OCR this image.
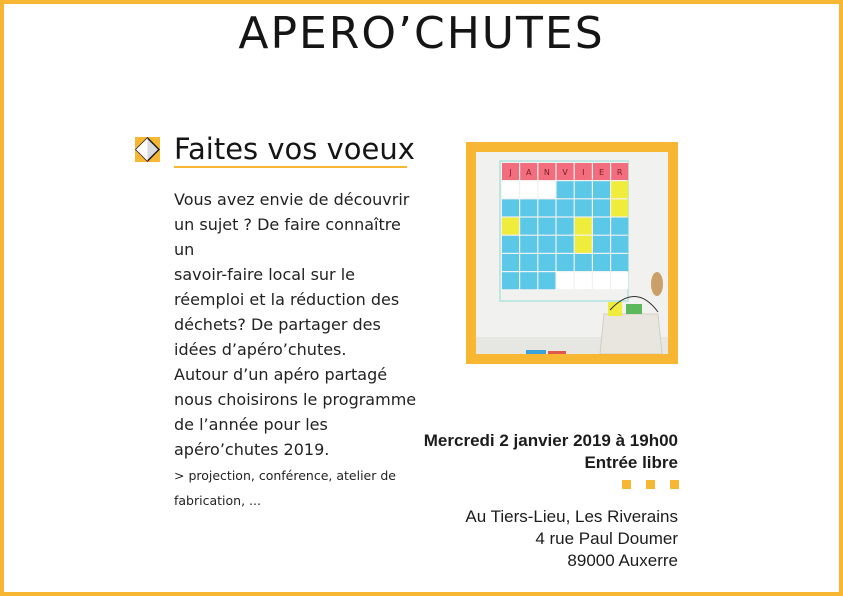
APERO’CHUTES
Faites vos voeux
Vous avez envie de découvrir
un sujet ? De faire connaître un
savoir-faire local sur le
réemploi et la réduction des
déchets? De partager des
idées d’apéro’chutes.
Autour d’un apéro partagé
nous choisirons le programme
de l’année pour les
apéro’chutes 2019.
> projection, conférence, atelier de
fabrication, ...
J A N V I E R
Mercredi 2 janvier 2019 à 19h00
Entrée libre
Au Tiers-Lieu, Les Riverains
4 rue Paul Doumer
89000 Auxerre
